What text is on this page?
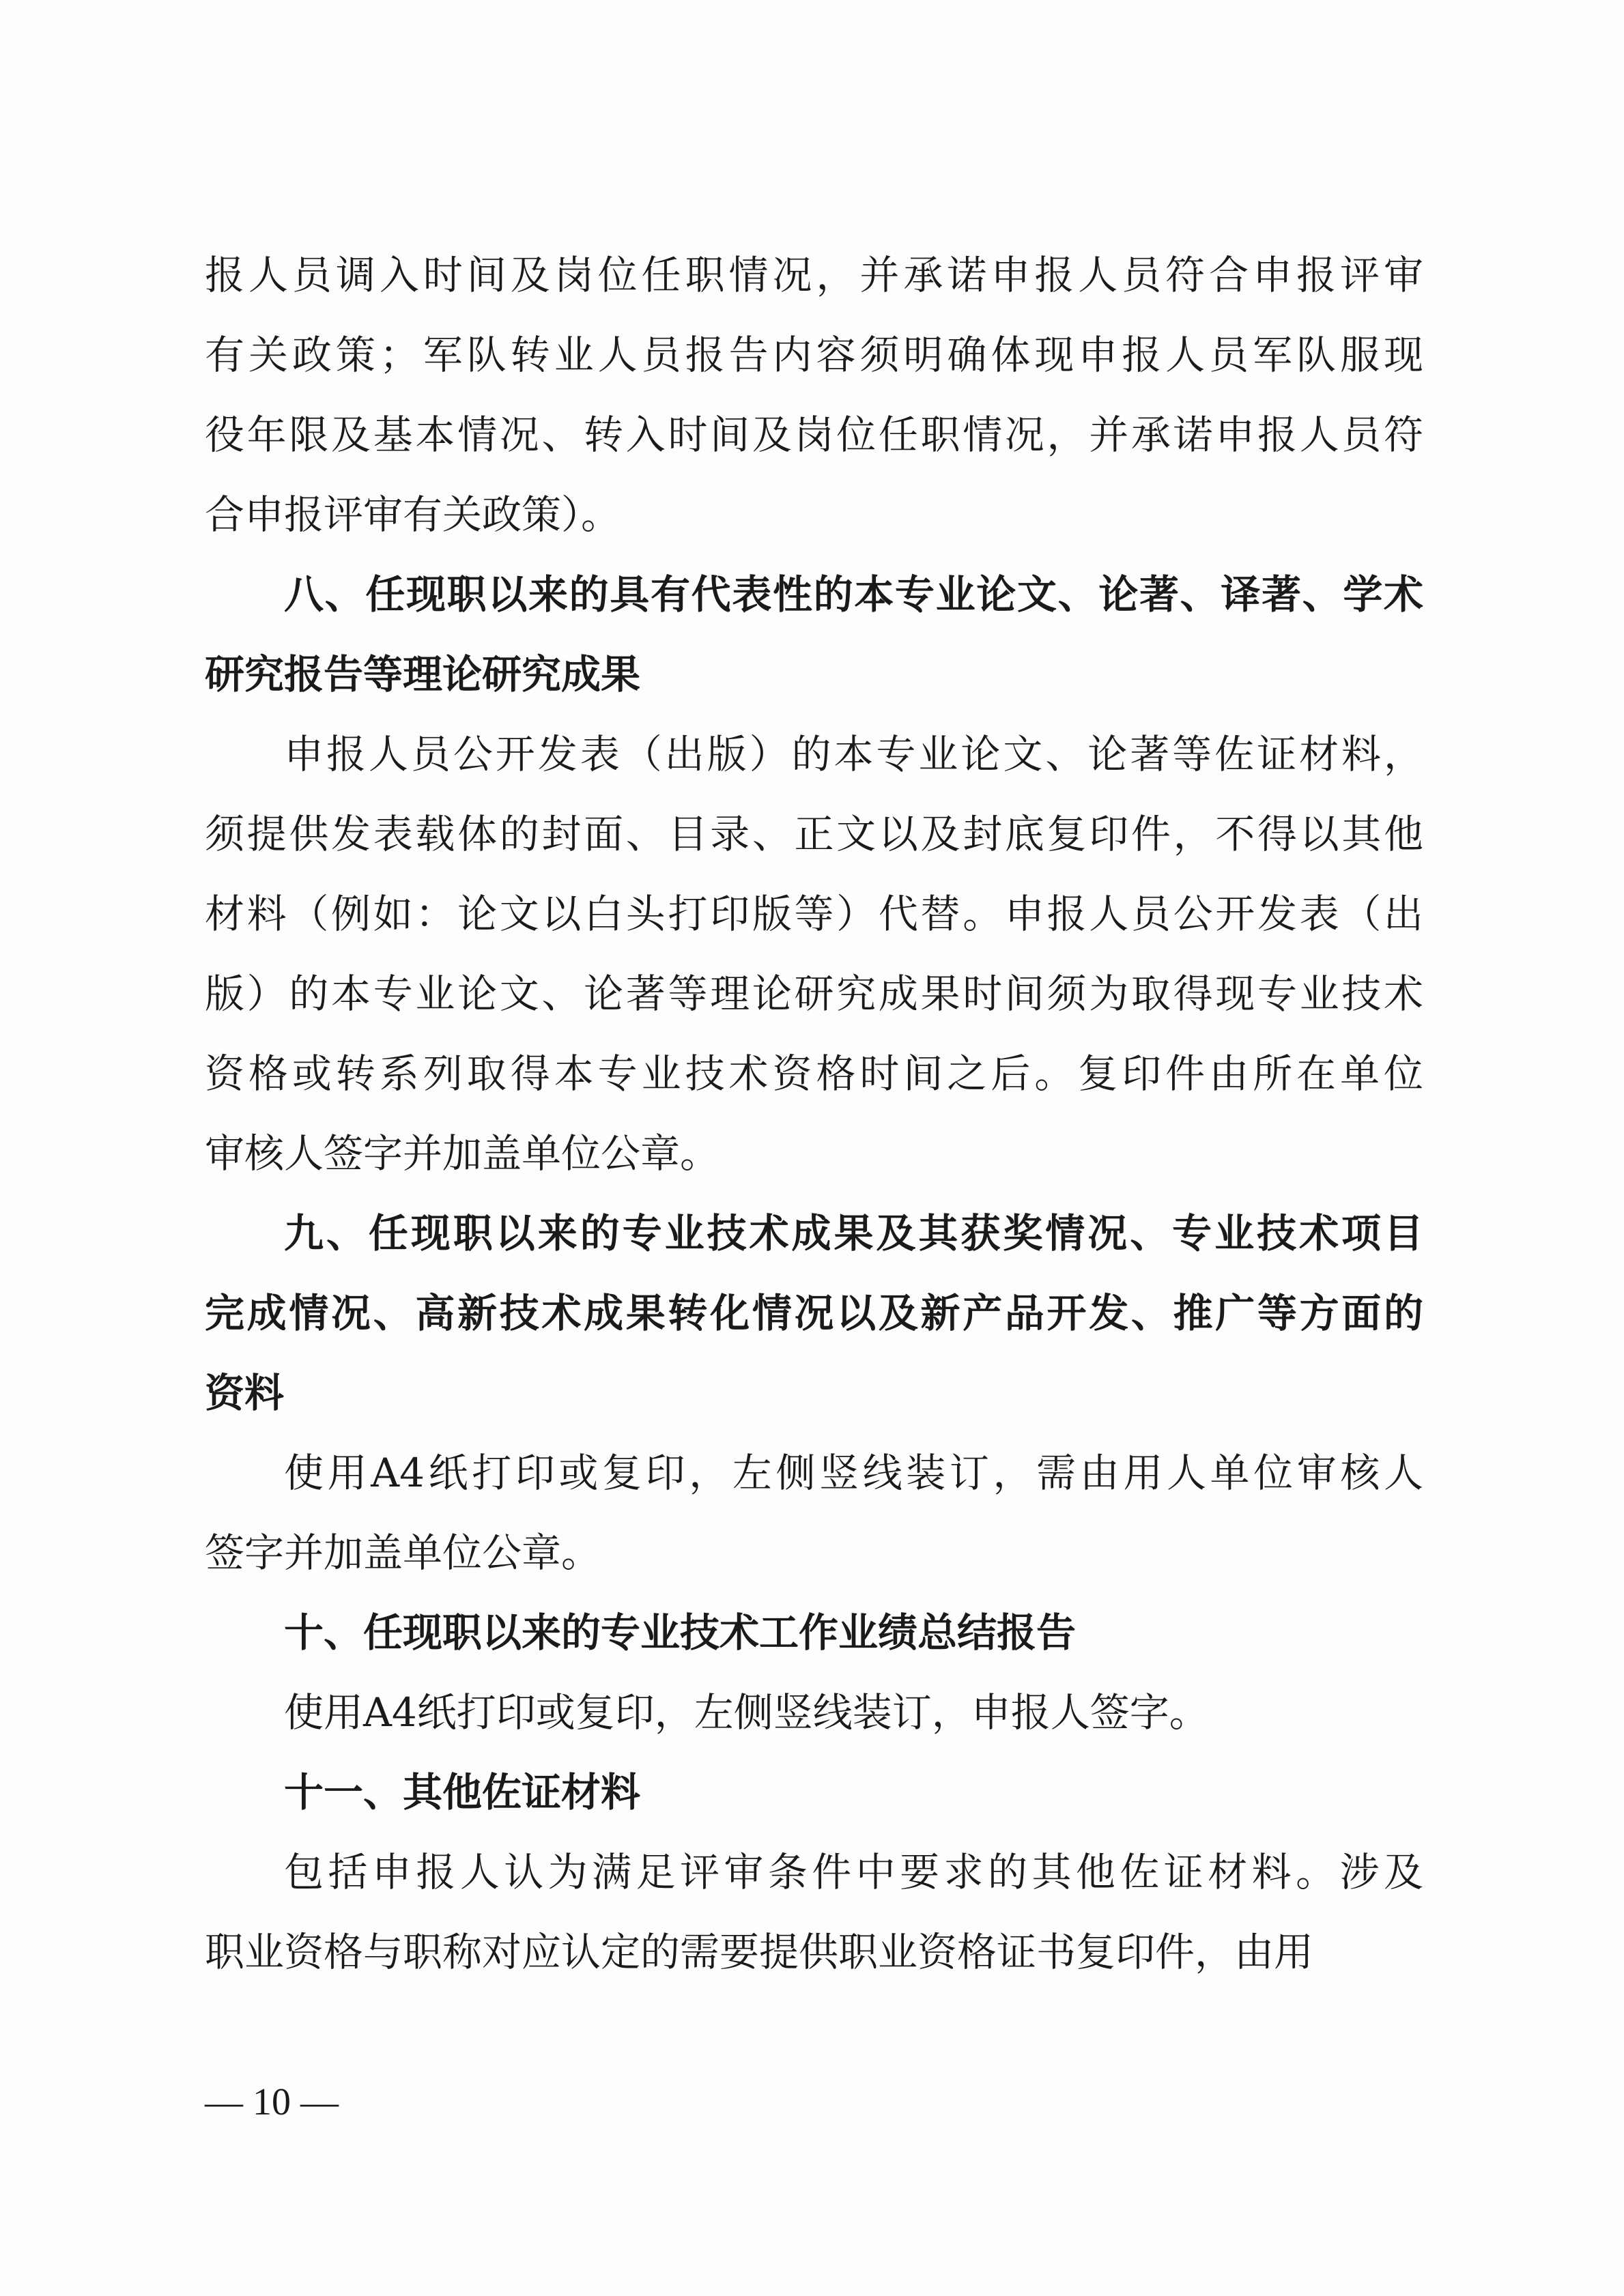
报人员调入时间及岗位任职情况，并承诺申报人员符合申报评审
有关政策；军队转业人员报告内容须明确体现申报人员军队服现
役年限及基本情况、转入时间及岗位任职情况，并承诺申报人员符
合申报评审有关政策）。
八、任现职以来的具有代表性的本专业论文、论著、译著、学术
研究报告等理论研究成果
申报人员公开发表（出版）的本专业论文、论著等佐证材料，
须提供发表载体的封面、目录、正文以及封底复印件，不得以其他
材料（例如：论文以白头打印版等）代替。申报人员公开发表（出
版）的本专业论文、论著等理论研究成果时间须为取得现专业技术
资格或转系列取得本专业技术资格时间之后。复印件由所在单位
审核人签字并加盖单位公章。
九、任现职以来的专业技术成果及其获奖情况、专业技术项目
完成情况、高新技术成果转化情况以及新产品开发、推广等方面的
资料
使用A4纸打印或复印，左侧竖线装订，需由用人单位审核人
签字并加盖单位公章。
十、任现职以来的专业技术工作业绩总结报告
使用A4纸打印或复印，左侧竖线装订，申报人签字。
十一、其他佐证材料
包括申报人认为满足评审条件中要求的其他佐证材料。涉及
职业资格与职称对应认定的需要提供职业资格证书复印件，由用
— 10 —
